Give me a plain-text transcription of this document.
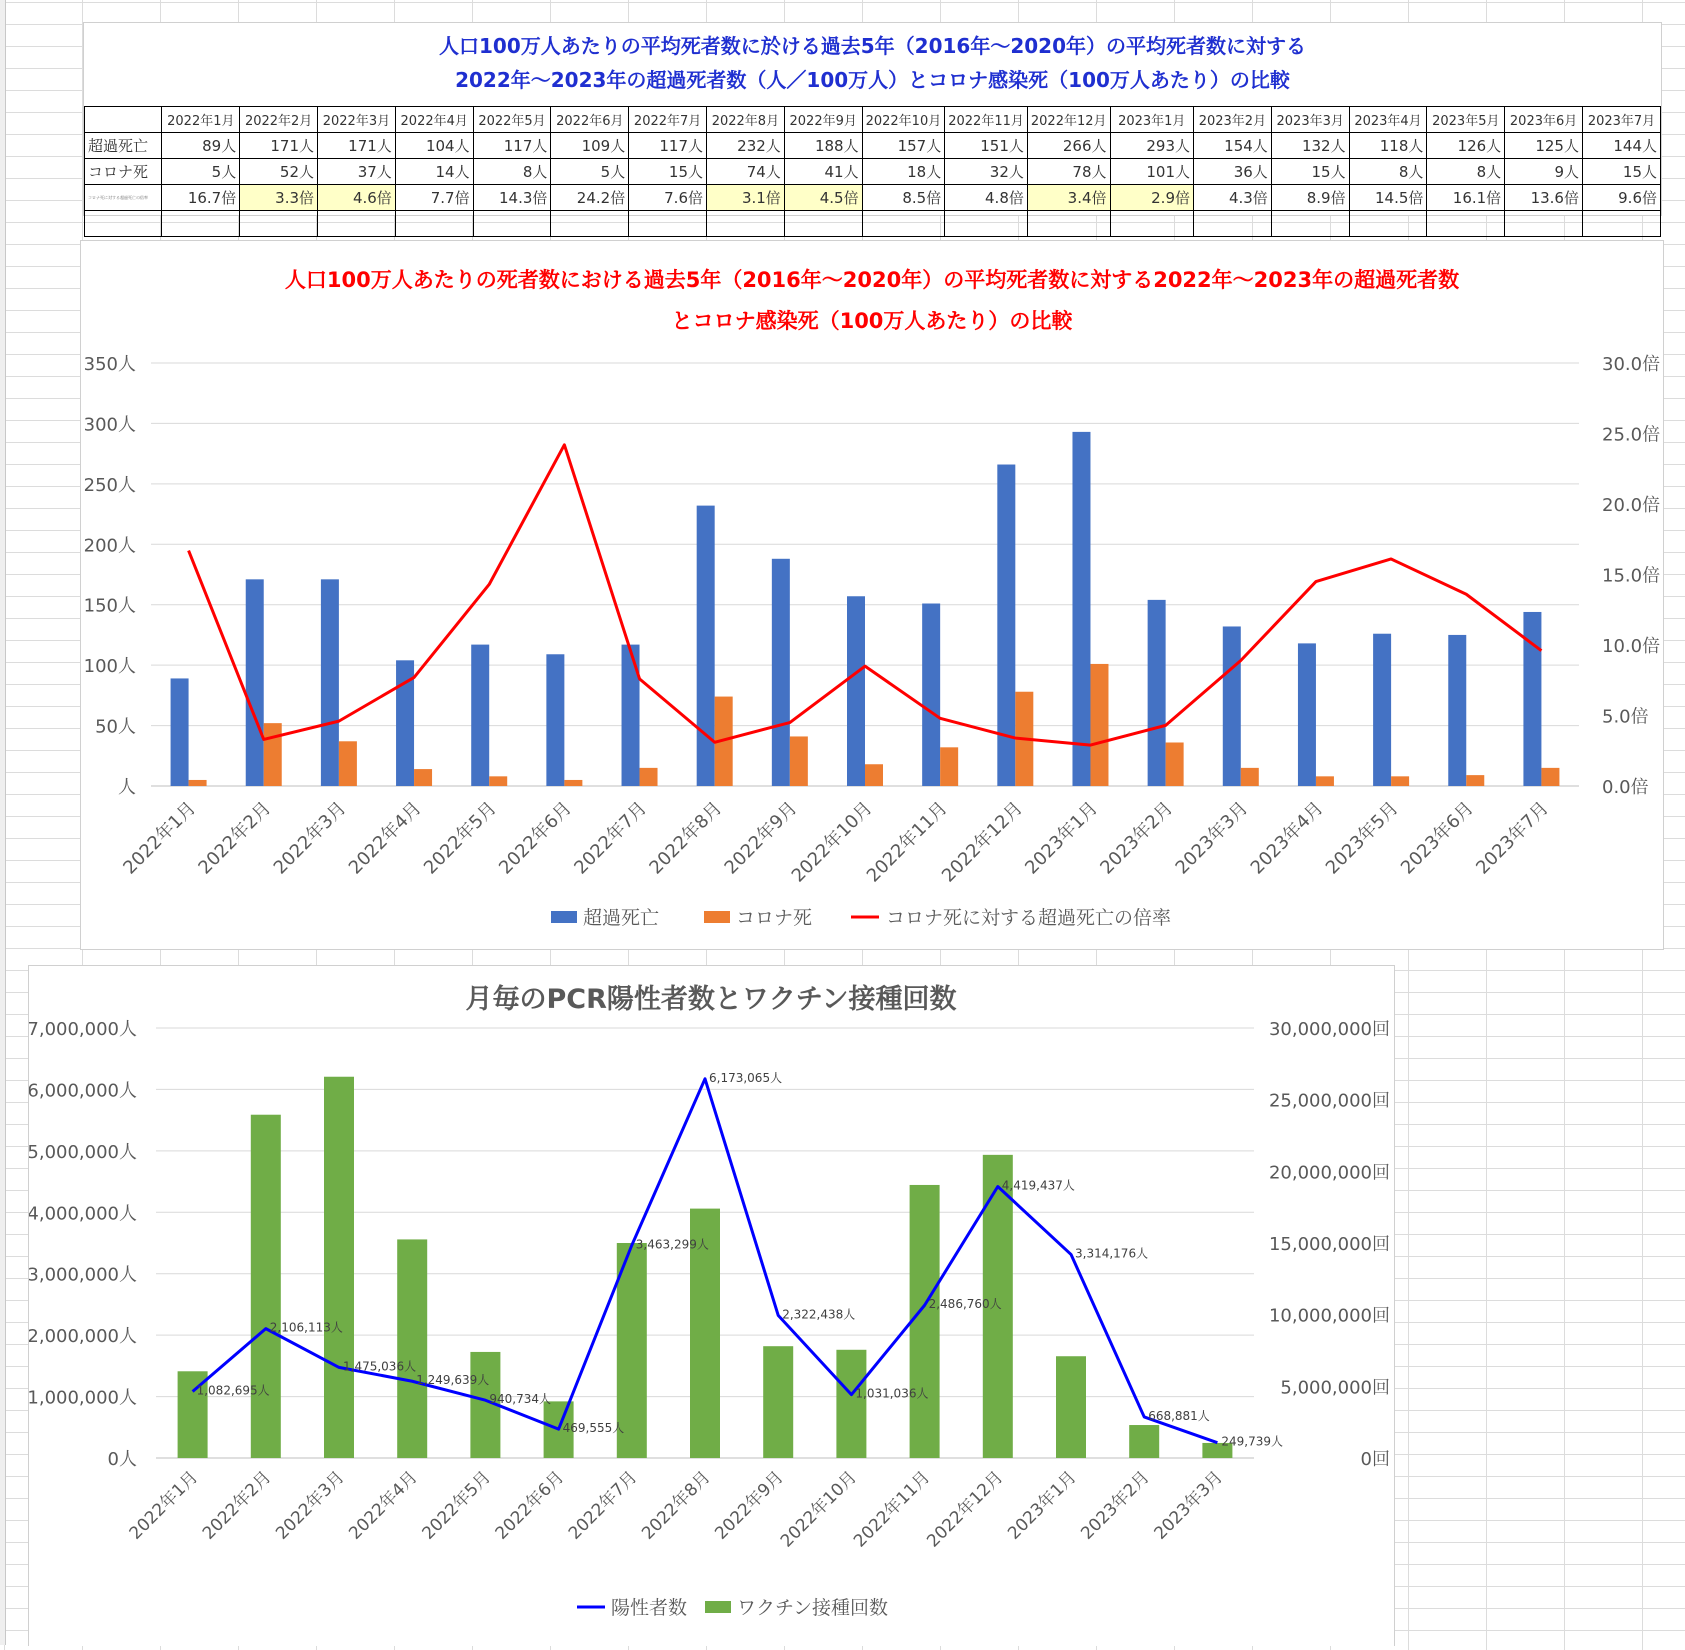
人口100万人あたりの平均死者数に於ける過去5年（2016年～2020年）の平均死者数に対する
2022年～2023年の超過死者数（人／100万人）とコロナ感染死（100万人あたり）の比較
	2022年1月	2022年2月	2022年3月	2022年4月	2022年5月	2022年6月	2022年7月	2022年8月	2022年9月	2022年10月	2022年11月	2022年12月	2023年1月	2023年2月	2023年3月	2023年4月	2023年5月	2023年6月	2023年7月
超過死亡	89人	171人	171人	104人	117人	109人	117人	232人	188人	157人	151人	266人	293人	154人	132人	118人	126人	125人	144人
コロナ死	5人	52人	37人	14人	8人	5人	15人	74人	41人	18人	32人	78人	101人	36人	15人	8人	8人	9人	15人
コロナ死に対する超過死亡の倍率	16.7倍	3.3倍	4.6倍	7.7倍	14.3倍	24.2倍	7.6倍	3.1倍	4.5倍	8.5倍	4.8倍	3.4倍	2.9倍	4.3倍	8.9倍	14.5倍	16.1倍	13.6倍	9.6倍

人口100万人あたりの死者数における過去5年（2016年～2020年）の平均死者数に対する2022年～2023年の超過死者数
とコロナ感染死（100万人あたり）の比較
人
50人
100人
150人
200人
250人
300人
350人
0.0倍
5.0倍
10.0倍
15.0倍
20.0倍
25.0倍
30.0倍
2022年1月
2022年2月
2022年3月
2022年4月
2022年5月
2022年6月
2022年7月
2022年8月
2022年9月
2022年10月
2022年11月
2022年12月
2023年1月
2023年2月
2023年3月
2023年4月
2023年5月
2023年6月
2023年7月
超過死亡	コロナ死	コロナ死に対する超過死亡の倍率
月毎のPCR陽性者数とワクチン接種回数
0人
1,000,000人
2,000,000人
3,000,000人
4,000,000人
5,000,000人
6,000,000人
7,000,000人
0回
5,000,000回
10,000,000回
15,000,000回
20,000,000回
25,000,000回
30,000,000回
1,082,695人
2,106,113人
1,475,036人
1,249,639人
940,734人
469,555人
3,463,299人
6,173,065人
2,322,438人
1,031,036人
2,486,760人
4,419,437人
3,314,176人
668,881人
249,739人
2022年1月
2022年2月
2022年3月
2022年4月
2022年5月
2022年6月
2022年7月
2022年8月
2022年9月
2022年10月
2022年11月
2022年12月
2023年1月
2023年2月
2023年3月
陽性者数	ワクチン接種回数
